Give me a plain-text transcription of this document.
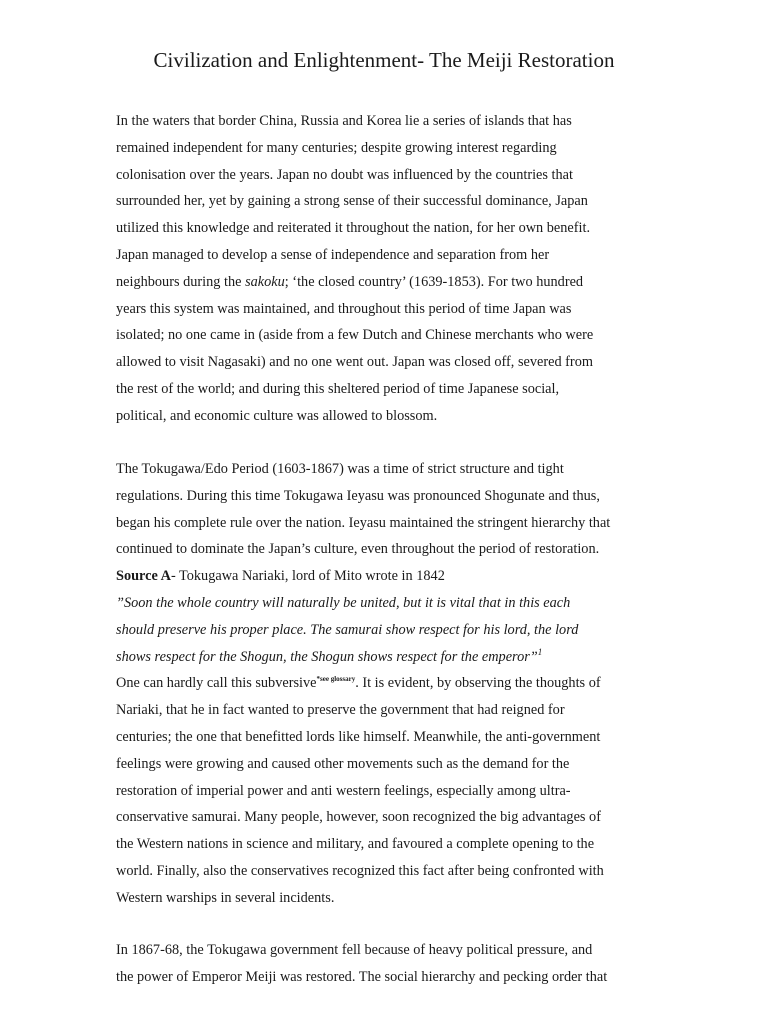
Civilization and Enlightenment- The Meiji Restoration
In the waters that border China, Russia and Korea lie a series of islands that has
remained independent for many centuries; despite growing interest regarding
colonisation over the years. Japan no doubt was influenced by the countries that
surrounded her, yet by gaining a strong sense of their successful dominance, Japan
utilized this knowledge and reiterated it throughout the nation, for her own benefit.
Japan managed to develop a sense of independence and separation from her
neighbours during the sakoku; ‘the closed country’ (1639-1853). For two hundred
years this system was maintained, and throughout this period of time Japan was
isolated; no one came in (aside from a few Dutch and Chinese merchants who were
allowed to visit Nagasaki) and no one went out. Japan was closed off, severed from
the rest of the world; and during this sheltered period of time Japanese social,
political, and economic culture was allowed to blossom.
The Tokugawa/Edo Period (1603-1867) was a time of strict structure and tight
regulations. During this time Tokugawa Ieyasu was pronounced Shogunate and thus,
began his complete rule over the nation. Ieyasu maintained the stringent hierarchy that
continued to dominate the Japan’s culture, even throughout the period of restoration.
Source A- Tokugawa Nariaki, lord of Mito wrote in 1842
”Soon the whole country will naturally be united, but it is vital that in this each
should preserve his proper place. The samurai show respect for his lord, the lord
shows respect for the Shogun, the Shogun shows respect for the emperor”$^1$
One can hardly call this subversive$^{*see glossary}$. It is evident, by observing the thoughts of
Nariaki, that he in fact wanted to preserve the government that had reigned for
centuries; the one that benefitted lords like himself. Meanwhile, the anti-government
feelings were growing and caused other movements such as the demand for the
restoration of imperial power and anti western feelings, especially among ultra-
conservative samurai. Many people, however, soon recognized the big advantages of
the Western nations in science and military, and favoured a complete opening to the
world. Finally, also the conservatives recognized this fact after being confronted with
Western warships in several incidents.
In 1867-68, the Tokugawa government fell because of heavy political pressure, and
the power of Emperor Meiji was restored. The social hierarchy and pecking order that
